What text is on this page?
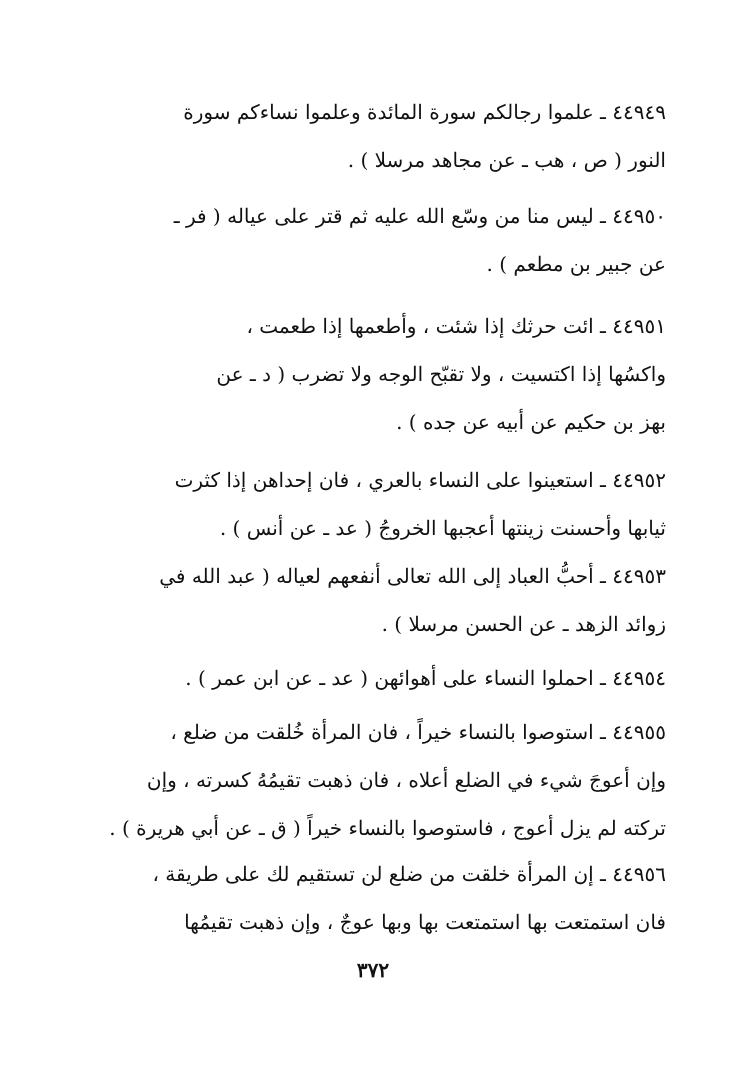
٤٤٩٤٩ ـ علموا رجالكم سورة المائدة وعلموا نساءكم سورة
النور ( ص ، هب ـ عن مجاهد مرسلا ) .
٤٤٩٥٠ ـ ليس منا من وسّع الله عليه ثم قتر على عياله ( فر ـ
عن جبير بن مطعم ) .
٤٤٩٥١ ـ ائت حرثك إذا شئت ، وأطعمها إذا طعمت ،
واكسُها إذا اكتسيت ، ولا تقبّح الوجه ولا تضرب ( د ـ عن
بهز بن حكيم عن أبيه عن جده ) .
٤٤٩٥٢ ـ استعينوا على النساء بالعري ، فان إحداهن إذا كثرت
ثيابها وأحسنت زينتها أعجبها الخروجُ ( عد ـ عن أنس ) .
٤٤٩٥٣ ـ أحبُّ العباد إلى الله تعالى أنفعهم لعياله ( عبد الله في
زوائد الزهد ـ عن الحسن مرسلا ) .
٤٤٩٥٤ ـ احملوا النساء على أهوائهن ( عد ـ عن ابن عمر ) .
٤٤٩٥٥ ـ استوصوا بالنساء خيراً ، فان المرأة خُلقت من ضلع ،
وإن أعوجَ شيء في الضلع أعلاه ، فان ذهبت تقيمُهُ كسرته ، وإن
تركته لم يزل أعوج ، فاستوصوا بالنساء خيراً ( ق ـ عن أبي هريرة ) .
٤٤٩٥٦ ـ إن المرأة خلقت من ضلع لن تستقيم لك على طريقة ،
فان استمتعت بها استمتعت بها وبها عوجٌ ، وإن ذهبت تقيمُها
٣٧٢
